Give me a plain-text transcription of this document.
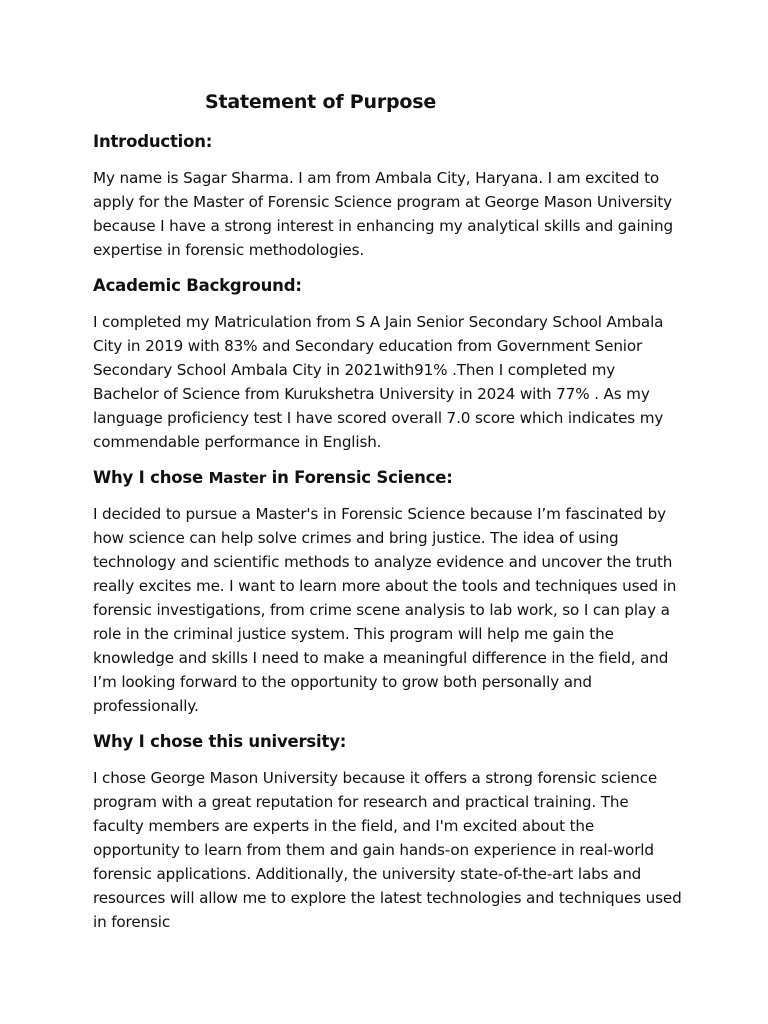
Statement of Purpose
Introduction:

My name is Sagar Sharma. I am from Ambala City, Haryana. I am excited to apply for the Master of Forensic Science program at George Mason University because I have a strong interest in enhancing my analytical skills and gaining expertise in forensic methodologies.

Academic Background:

I completed my Matriculation from S A Jain Senior Secondary School Ambala City in 2019 with 83% and Secondary education from Government Senior Secondary School Ambala City in 2021with91% .Then I completed my Bachelor of Science from Kurukshetra University in 2024 with 77% . As my language proficiency test I have scored overall 7.0 score which indicates my commendable performance in English.

Why I chose Master in Forensic Science:

I decided to pursue a Master's in Forensic Science because I’m fascinated by how science can help solve crimes and bring justice. The idea of using technology and scientific methods to analyze evidence and uncover the truth really excites me. I want to learn more about the tools and techniques used in forensic investigations, from crime scene analysis to lab work, so I can play a role in the criminal justice system. This program will help me gain the knowledge and skills I need to make a meaningful difference in the field, and I’m looking forward to the opportunity to grow both personally and professionally.

Why I chose this university:

I chose George Mason University because it offers a strong forensic science program with a great reputation for research and practical training. The faculty members are experts in the field, and I'm excited about the opportunity to learn from them and gain hands-on experience in real-world forensic applications. Additionally, the university state-of-the-art labs and resources will allow me to explore the latest technologies and techniques used in forensic
